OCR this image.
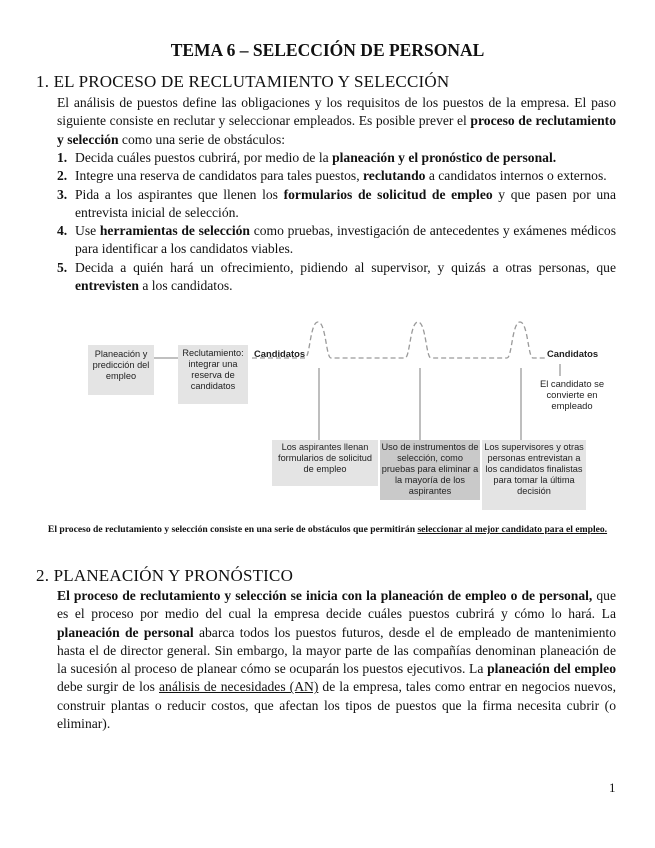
TEMA 6 – SELECCIÓN DE PERSONAL
1. EL PROCESO DE RECLUTAMIENTO Y SELECCIÓN
El análisis de puestos define las obligaciones y los requisitos de los puestos de la empresa. El paso siguiente consiste en reclutar y seleccionar empleados. Es posible prever el proceso de reclutamiento y selección como una serie de obstáculos:
1. Decida cuáles puestos cubrirá, por medio de la planeación y el pronóstico de personal.
2. Integre una reserva de candidatos para tales puestos, reclutando a candidatos internos o externos.
3. Pida a los aspirantes que llenen los formularios de solicitud de empleo y que pasen por una entrevista inicial de selección.
4. Use herramientas de selección como pruebas, investigación de antecedentes y exámenes médicos para identificar a los candidatos viables.
5. Decida a quién hará un ofrecimiento, pidiendo al supervisor, y quizás a otras personas, que entrevisten a los candidatos.
Planeación y predicción del empleo
Reclutamiento: integrar una reserva de candidatos
Candidatos	Candidatos
El candidato se convierte en empleado
Los aspirantes llenan formularios de solicitud de empleo
Uso de instrumentos de selección, como pruebas para eliminar a la mayoría de los aspirantes
Los supervisores y otras personas entrevistan a los candidatos finalistas para tomar la última decisión
El proceso de reclutamiento y selección consiste en una serie de obstáculos que permitirán seleccionar al mejor candidato para el empleo.
2. PLANEACIÓN Y PRONÓSTICO
El proceso de reclutamiento y selección se inicia con la planeación de empleo o de personal, que es el proceso por medio del cual la empresa decide cuáles puestos cubrirá y cómo lo hará. La planeación de personal abarca todos los puestos futuros, desde el de empleado de mantenimiento hasta el de director general. Sin embargo, la mayor parte de las compañías denominan planeación de la sucesión al proceso de planear cómo se ocuparán los puestos ejecutivos. La planeación del empleo debe surgir de los análisis de necesidades (AN) de la empresa, tales como entrar en negocios nuevos, construir plantas o reducir costos, que afectan los tipos de puestos que la firma necesita cubrir (o eliminar).
1
